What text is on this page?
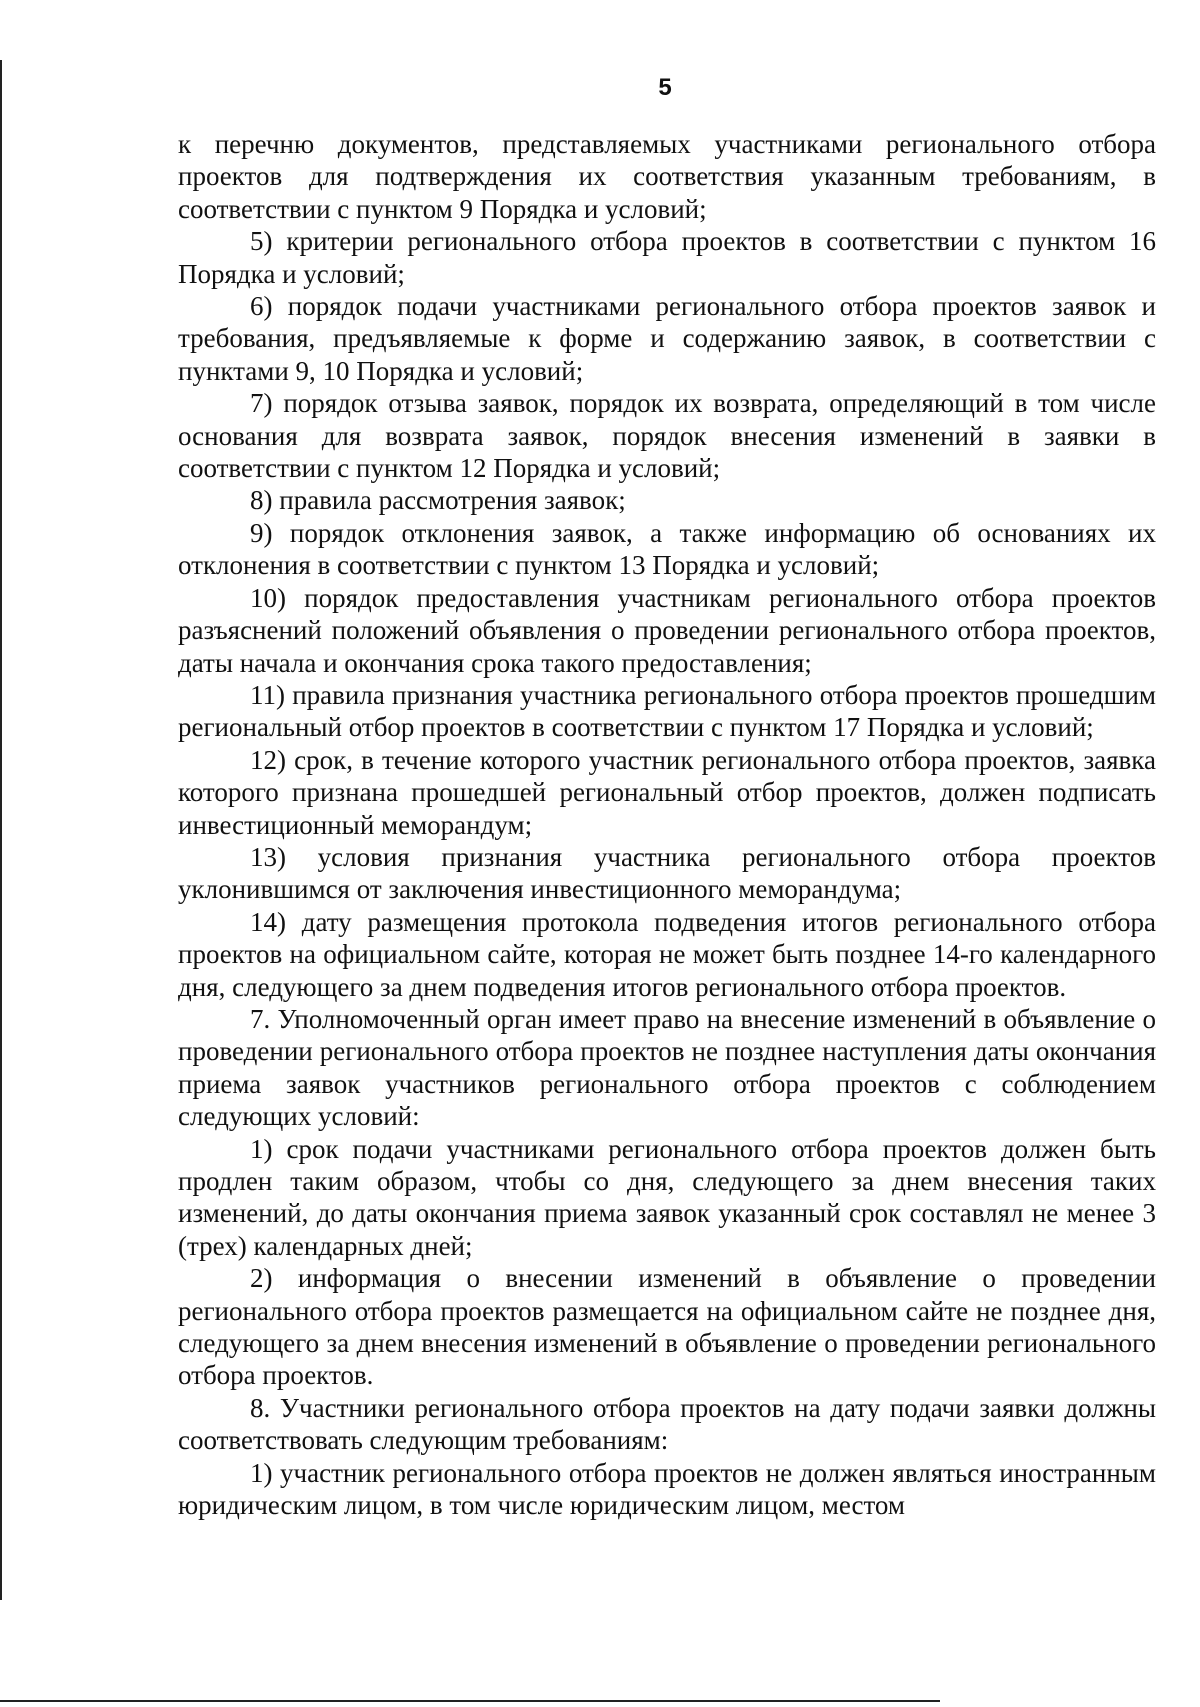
5

к перечню документов, представляемых участниками регионального отбора проектов для подтверждения их соответствия указанным требованиям, в соответствии с пунктом 9 Порядка и условий;

5) критерии регионального отбора проектов в соответствии с пунктом 16 Порядка и условий;

6) порядок подачи участниками регионального отбора проектов заявок и требования, предъявляемые к форме и содержанию заявок, в соответствии с пунктами 9, 10 Порядка и условий;

7) порядок отзыва заявок, порядок их возврата, определяющий в том числе основания для возврата заявок, порядок внесения изменений в заявки в соответствии с пунктом 12 Порядка и условий;

8) правила рассмотрения заявок;

9) порядок отклонения заявок, а также информацию об основаниях их отклонения в соответствии с пунктом 13 Порядка и условий;

10) порядок предоставления участникам регионального отбора проектов разъяснений положений объявления о проведении регионального отбора проектов, даты начала и окончания срока такого предоставления;

11) правила признания участника регионального отбора проектов прошедшим региональный отбор проектов в соответствии с пунктом 17 Порядка и условий;

12) срок, в течение которого участник регионального отбора проектов, заявка которого признана прошедшей региональный отбор проектов, должен подписать инвестиционный меморандум;

13) условия признания участника регионального отбора проектов уклонившимся от заключения инвестиционного меморандума;

14) дату размещения протокола подведения итогов регионального отбора проектов на официальном сайте, которая не может быть позднее 14-го календарного дня, следующего за днем подведения итогов регионального отбора проектов.

7. Уполномоченный орган имеет право на внесение изменений в объявление о проведении регионального отбора проектов не позднее наступления даты окончания приема заявок участников регионального отбора проектов с соблюдением следующих условий:

1) срок подачи участниками регионального отбора проектов должен быть продлен таким образом, чтобы со дня, следующего за днем внесения таких изменений, до даты окончания приема заявок указанный срок составлял не менее 3 (трех) календарных дней;

2) информация о внесении изменений в объявление о проведении регионального отбора проектов размещается на официальном сайте не позднее дня, следующего за днем внесения изменений в объявление о проведении регионального отбора проектов.

8. Участники регионального отбора проектов на дату подачи заявки должны соответствовать следующим требованиям:

1) участник регионального отбора проектов не должен являться иностранным юридическим лицом, в том числе юридическим лицом, местом
